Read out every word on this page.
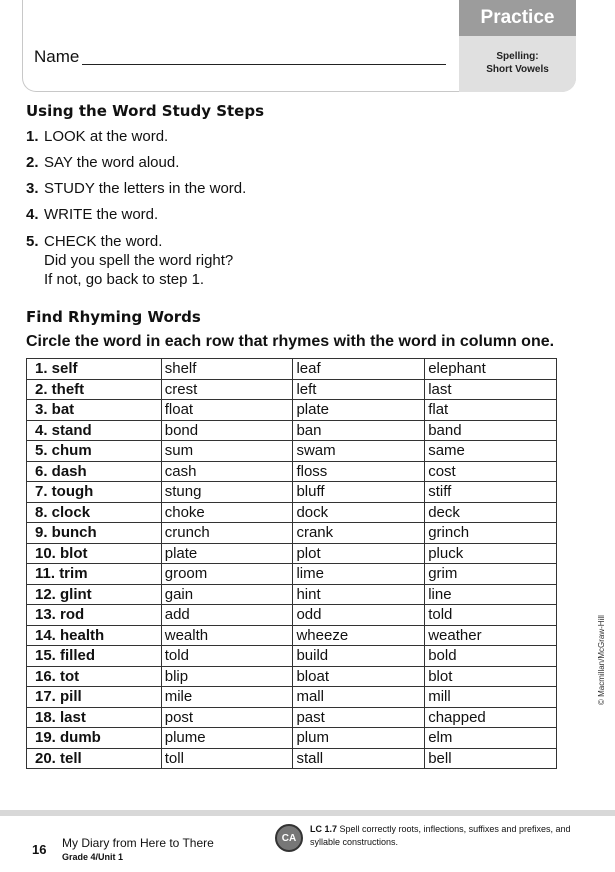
Name
Practice
Spelling:
Short Vowels
Using the Word Study Steps
1. LOOK at the word.
2. SAY the word aloud.
3. STUDY the letters in the word.
4. WRITE the word.
5. CHECK the word.
Did you spell the word right?
If not, go back to step 1.
Find Rhyming Words
Circle the word in each row that rhymes with the word in column one.
1. self	shelf	leaf	elephant
2. theft	crest	left	last
3. bat	float	plate	flat
4. stand	bond	ban	band
5. chum	sum	swam	same
6. dash	cash	floss	cost
7. tough	stung	bluff	stiff
8. clock	choke	dock	deck
9. bunch	crunch	crank	grinch
10. blot	plate	plot	pluck
11. trim	groom	lime	grim
12. glint	gain	hint	line
13. rod	add	odd	told
14. health	wealth	wheeze	weather
15. filled	told	build	bold
16. tot	blip	bloat	blot
17. pill	mile	mall	mill
18. last	post	past	chapped
19. dumb	plume	plum	elm
20. tell	toll	stall	bell
© Macmillan/McGraw-Hill
16 My Diary from Here to There
Grade 4/Unit 1
CA
LC 1.7 Spell correctly roots, inflections, suffixes and prefixes, and syllable constructions.
